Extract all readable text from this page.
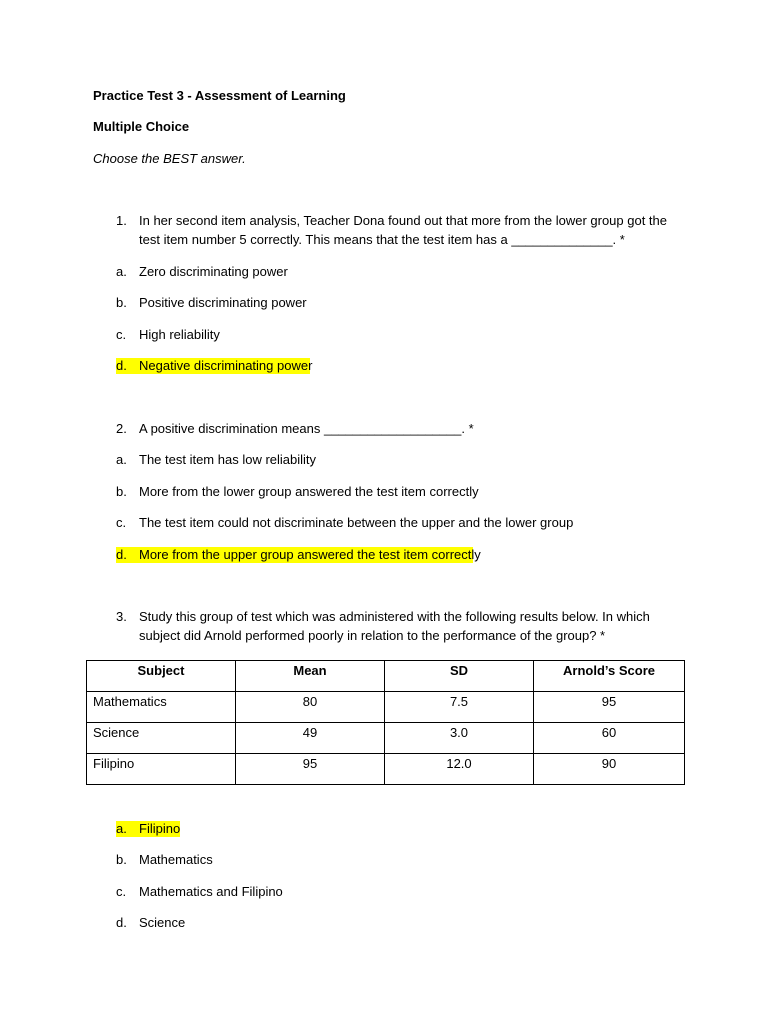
Practice Test 3 - Assessment of Learning
Multiple Choice
Choose the BEST answer.
1. In her second item analysis, Teacher Dona found out that more from the lower group got the test item number 5 correctly. This means that the test item has a ______________. *
a. Zero discriminating power
b. Positive discriminating power
c. High reliability
d. Negative discriminating power
2. A positive discrimination means ___________________. *
a. The test item has low reliability
b. More from the lower group answered the test item correctly
c. The test item could not discriminate between the upper and the lower group
d. More from the upper group answered the test item correctly
3. Study this group of test which was administered with the following results below. In which subject did Arnold performed poorly in relation to the performance of the group? *
Subject	Mean	SD	Arnold’s Score
Mathematics	80	7.5	95
Science	49	3.0	60
Filipino	95	12.0	90
a. Filipino
b. Mathematics
c. Mathematics and Filipino
d. Science
